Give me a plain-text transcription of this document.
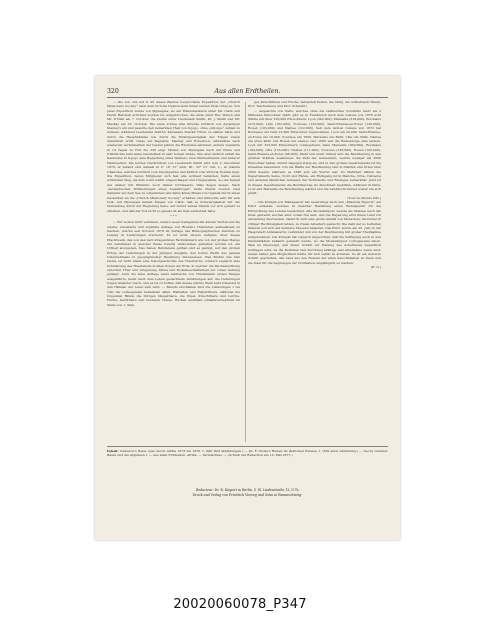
320	Aus allen Erdtheilen.

— Die von uns auf S. 95 dieses Bandes besprochene Expedition der „Church Missionary Society“ nach dem Victoria Nyanza sieht ihrem letzten Ziele ruhig zu. Von jener Expedition wurde von Mpwapwa, wo ein Missionsstation unter Mr. Clark und Herrn Hartwell errichtet worden ist, aufgebrochen, die erste unter Rev. Wilson und Mr. O'Neill am 7. October, die zweite unter Lieutenant Smith, Dr. J. Smith und Mr. Mackay am 25. October. Die erste schlug eine Strecke nördlich von derjenigen Stanley's ein und passirte den bemerkten Theil von Ugogo, ohne „mhongo“ zahlen zu müssen, während Lieutenant Smith's Karawane überall Tribut zu zahlen hatte und durch die Hauptstämme wie durch die Widerspenstigkeit der Träger vielen Aufenthalt erlitt. Diese zur Begleiter, Mackay und Robertson, erkrankten nach wiederum zurückkehren der beiden Jahren die Rückreise antreten; erstere wanderte in 14 Tagen zu Fuß die 230 engl. Meilen von Mpwapwa nach der Küste und frühstückte bald seine Gesundheit in sehr hohem Grade. Wie aber endlich erhält die Karawane in Ugogo eine Begleitung eines Weibers, zwei Zimmermanns und anderer Handwerker. Die letzten Nachrichten von Lieutenant Smith sind vom 2. December 1876; er befand sich damals in 4° 18' 31" südl. Br., 32° 51' östl. L., zu Kandie Uhanoma, welches nördlich vom Unyanyembe und südlich vom Victoria Nyanza liegt. Die Expedition, deren Mitglieder sich fast alle wohlauf befanden, hatte einen wirklichen Weg, als man sonst wählt, eingeschlagen und Unyanyembe, wo der Kampf der Araber mit Mirambo noch immer fortdauerte, links liegen lassen. Nach „authentischen Mittheilungen eines Angehörigen“ hatte Oberst Gordon zwei Dampfer auf dem See zu schwimmen und hatte König Mtesa von Uganda durch einen Gesandten an die „Church Missionary Society“ erhalten und wünschte sehr für sein Volk. Auf Mpwapwa kamen Klagen von Clark, daß es Schwierigkeiten mit der Verwaltung durch der Regierung habe, auf Grund seines Stands vor sich gehabt zu erhalten, und daß der Tod nicht so gewiss ist als man vermuthet habe.

* * *

— Wir wollen nicht verfehlen, unsere Leser wenigstens mit kurzen Worten auf die zweite, erweiterte und ergänzte Auflage von Brehm's Thierleben aufmerksam zu machen, welche seit October 1876 im Verlage des Bibliographischen Instituts zu Leipzig in Lieferungen erscheint. Es ist nicht unsere Aufgabe, über dieses Prachtwerk, das von den hervorragendsten Fachmännern wie von der großen Menge der Gebildeten in gleicher Weise freudig willkommen geheißen worden ist, ein Urtheil abzugeben. Das haben Berufenere gethan und es genügt, auf den großen Erfolg der Lieferungen in der jetzigen Ausgabe, den hohen Werth des ganzen Unternehmens in geographischer Beziehung hinzuweisen. Was Brehm uns hier bietet, ist nicht allein eine Naturgeschichte des Thierreichs, sondern zugleich eine Schilderung des Thierlebens in allen Zonen der Erde, in welcher die Wechselwirkung zwischen Thier und Umgebung, Klima und Bodenbeschaffenheit zur vollen Geltung gelangt. Auch die neue Auflage weist zahlreiche von Thiermalern ersten Ranges ausgeführte, meist nach dem Leben gezeichnete Abbildungen auf; die Lieferungen folgen einander rasch, und es ist zu hoffen, daß dieses schöne Werk bald vollendet in den Händen der Leser sein wird. — Bereits erschienen sind die Lieferungen 1 bis 100; die vorliegenden behandeln Affen, Halbaffen und Flatterthiere, während die folgenden Bände die übrigen Säugethiere, die Vögel, Kriechthiere und Lurche, Fische, Kerbthiere und niederen Thiere, Rücken ausfüllen (Inhaltsverzeichniß im Sinne von 1. Mai).

gel, Kriechthiere und Fische, behandelt Perlen, die übrig, die wirbellosen Thiere, Prof. Taschenberg und Prof. Schmidt.)

— Angesichts von Paris, welches ohne die zahlreichen Vorstädte mehr als 2 Millionen Einwohner zählt, gibt es in Frankreich nach dem Census von 1876 acht Städte mit über 100,000 Einwohnern: Lyon (342,000), Marseille (319,000), Bordeaux (215,000), Lille (162,000), Toulouse (132,000), Saint-Etienne-en-Forez (126,000), Rouen (105,000) und Nantes (122,000). Seit dem letzten Census von 1872 hat Bordeaux um rund 21,000 Einwohner zugenommen, Lyon um 20,000, Saint-Etienne-en-Forez um 16,000, Toulouse um 7000, Marseille um 6000, Lille um 5000, Nantes um etwa 4000 und Rouen um ebenso viel. 1866 war die Reihenfolge eine andere: Lyon mit 323,000 Einwohnern vorangehend, dann Marseille (300,000), Bordeaux (194,000), Lille (155,000), Nantes (111,000), Toulouse (126,000), Rouen (100,000), Saint-Etienne-en-Forez (96,000). Mehr und mehr drängt sich die Bevölkerung in den größten Städten zusammen; die Zahl der Gemeinden, welche weniger als 2000 Einwohner haben, nimmt dagegen stetig ab, und in den großen Departements ist die Zunahme bedeutend. Um die Hälfte der Bevölkerung lebt in Städten und Orten über 2000 Seelen; während es 1846 erst ein Viertel war. Zu Mehrheit zählen die Departements Seine, Nord und Rhône, ein Rückgang ist in Manche, Orne, Calvados und anderen ländlichen Gebieten der Normandie und Bretagne bemerkbar. Jetzt ist in diesen Departements die Bevölkerung im Abnehmen begriffen, während in Paris, Lyon und Marseille die Bevölkerung wächst und die Landflucht immer weiter um sich greift.

(Tour du Monde 845.)

— Die Königin von Madagascar hat neuerdings nach den „Missions Reports“ ein Edict erlassen, welches in mancher Beziehung einen Wendepunkt für die Entwicklung des Landes bezeichnet. Alle Mozambiquer, welche als Sklaven nach der Insel gebracht worden sind, sollen frei sein, und die Regierung wird ihnen Land zur Ansiedlung überweisen. Dadurch wird eine große Anzahl von Menschen, die bisher in völliger Rechtlosigkeit lebten, zu freien Arbeitern gemacht. Die Zahl der so befreiten Sklaven soll sich auf mehrere Tausend belaufen. Das Edict wurde am 20. Juni in der Hauptstadt Antananarivo verkündet und von der Bevölkerung mit großer Theilnahme aufgenommen. Die Königin hat zugleich angeordnet, daß die Verfügung auch in den Küstenstädten bekannt gemacht werde, wo die Mozambiquer vorzugsweise leben. Man ist überzeugt, daß dieser Schritt zur Hebung des Ackerbaues wesentlich beitragen wird, da die Befreiten fast durchweg kräftige und arbeitsame Leute sind, denen bisher jede Möglichkeit fehlte, für sich selbst zu arbeiten. So ist ein weiterer Schritt geschehen, das Land aus den Fesseln der alten Gewohnheiten zu lösen und die Insel für die Segnungen der Civilisation empfänglich zu machen.

(H. G.)
Inhalt: Cameron's Reise quer durch Afrika 1873 bis 1876. I. (Mit fünf Abbildungen.) — Dr. F. Stolze's Reisen im südlichen Persien. I. (Mit einer Abbildung.) — Georg Gerland: Baum und die Afghanen I. — Aus allen Erdtheilen: Afrika. — Vermischtes. — (Schluß der Redaction am 10. Mai 1877.)
Redacteur: Dr. R. Kiepert in Berlin, S. W. Lindenstraße 13, II Tr.
Druck und Verlag von Friedrich Vieweg und Sohn in Braunschweig.
20020060078_P347
